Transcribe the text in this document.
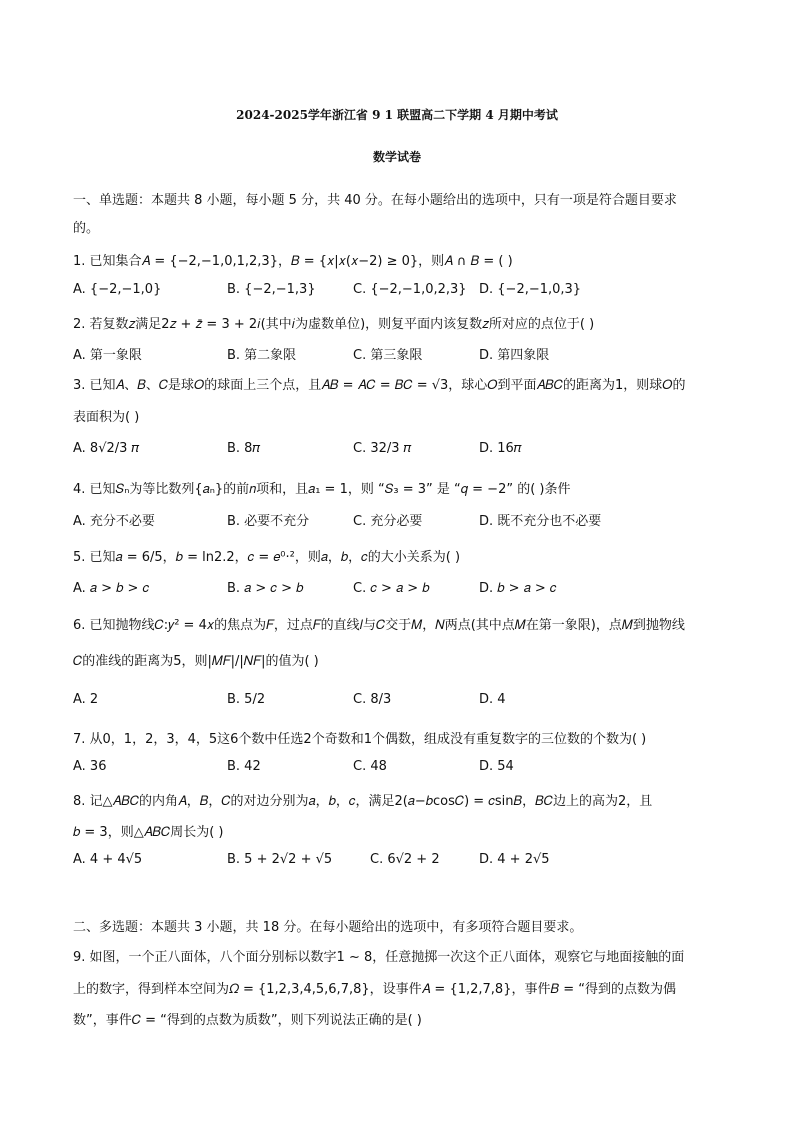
2024-2025学年浙江省 9 1 联盟高二下学期 4 月期中考试
数学试卷
一、单选题：本题共 8 小题，每小题 5 分，共 40 分。在每小题给出的选项中，只有一项是符合题目要求
的。
1. 已知集合𝐴 = {−2,−1,0,1,2,3}，𝐵 = {𝑥|𝑥(𝑥−2) ≥ 0}，则𝐴 ∩ 𝐵 = ( )
A. {−2,−1,0}	B. {−2,−1,3}	C. {−2,−1,0,2,3} D. {−2,−1,0,3}
2. 若复数𝑧满足2𝑧 + 𝑧̄ = 3 + 2𝑖(其中𝑖为虚数单位)，则复平面内该复数𝑧所对应的点位于( )
A. 第一象限	B. 第二象限	C. 第三象限	D. 第四象限
3. 已知𝐴、𝐵、𝐶是球𝑂的球面上三个点，且𝐴𝐵 = 𝐴𝐶 = 𝐵𝐶 = √3，球心𝑂到平面𝐴𝐵𝐶的距离为1，则球𝑂的
表面积为( )
A. 8√2/3 𝜋	B. 8𝜋	C. 32/3 𝜋	D. 16𝜋
4. 已知𝑆ₙ为等比数列{𝑎ₙ}的前𝑛项和，且𝑎₁ = 1，则 “𝑆₃ = 3” 是 “𝑞 = −2” 的( )条件
A. 充分不必要	B. 必要不充分	C. 充分必要	D. 既不充分也不必要
5. 已知𝑎 = 6/5，𝑏 = ln2.2，𝑐 = 𝑒⁰·²，则𝑎，𝑏，𝑐的大小关系为( )
A. 𝑎 > 𝑏 > 𝑐	B. 𝑎 > 𝑐 > 𝑏	C. 𝑐 > 𝑎 > 𝑏	D. 𝑏 > 𝑎 > 𝑐
6. 已知抛物线𝐶:𝑦² = 4𝑥的焦点为𝐹，过点𝐹的直线𝑙与𝐶交于𝑀，𝑁两点(其中点𝑀在第一象限)，点𝑀到抛物线
𝐶的准线的距离为5，则|𝑀𝐹|/|𝑁𝐹|的值为( )
A. 2	B. 5/2	C. 8/3	D. 4
7. 从0，1，2，3，4，5这6个数中任选2个奇数和1个偶数，组成没有重复数字的三位数的个数为( )
A. 36	B. 42	C. 48	D. 54
8. 记△𝐴𝐵𝐶的内角𝐴，𝐵，𝐶的对边分别为𝑎，𝑏，𝑐，满足2(𝑎−𝑏cos𝐶) = 𝑐sin𝐵，𝐵𝐶边上的高为2，且
𝑏 = 3，则△𝐴𝐵𝐶周长为( )
A. 4 + 4√5	B. 5 + 2√2 + √5	C. 6√2 + 2	D. 4 + 2√5
二、多选题：本题共 3 小题，共 18 分。在每小题给出的选项中，有多项符合题目要求。
9. 如图，一个正八面体，八个面分别标以数字1 ~ 8，任意抛掷一次这个正八面体，观察它与地面接触的面
上的数字，得到样本空间为𝛺 = {1,2,3,4,5,6,7,8}，设事件𝐴 = {1,2,7,8}，事件𝐵 = “得到的点数为偶
数”，事件𝐶 = “得到的点数为质数”，则下列说法正确的是( )
